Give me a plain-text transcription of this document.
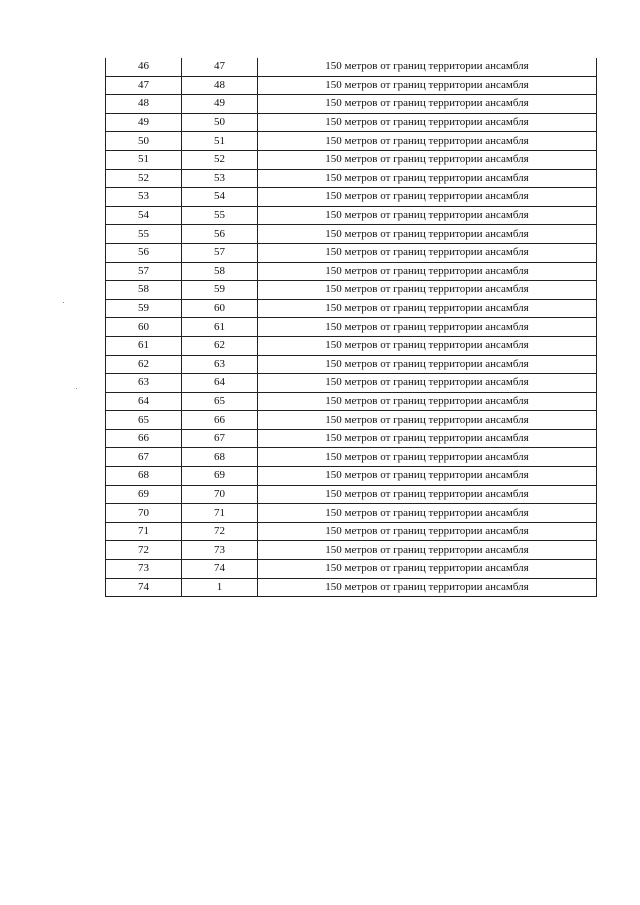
46	47	150 метров от границ территории ансамбля
47	48	150 метров от границ территории ансамбля
48	49	150 метров от границ территории ансамбля
49	50	150 метров от границ территории ансамбля
50	51	150 метров от границ территории ансамбля
51	52	150 метров от границ территории ансамбля
52	53	150 метров от границ территории ансамбля
53	54	150 метров от границ территории ансамбля
54	55	150 метров от границ территории ансамбля
55	56	150 метров от границ территории ансамбля
56	57	150 метров от границ территории ансамбля
57	58	150 метров от границ территории ансамбля
58	59	150 метров от границ территории ансамбля
59	60	150 метров от границ территории ансамбля
60	61	150 метров от границ территории ансамбля
61	62	150 метров от границ территории ансамбля
62	63	150 метров от границ территории ансамбля
63	64	150 метров от границ территории ансамбля
64	65	150 метров от границ территории ансамбля
65	66	150 метров от границ территории ансамбля
66	67	150 метров от границ территории ансамбля
67	68	150 метров от границ территории ансамбля
68	69	150 метров от границ территории ансамбля
69	70	150 метров от границ территории ансамбля
70	71	150 метров от границ территории ансамбля
71	72	150 метров от границ территории ансамбля
72	73	150 метров от границ территории ансамбля
73	74	150 метров от границ территории ансамбля
74	1	150 метров от границ территории ансамбля
